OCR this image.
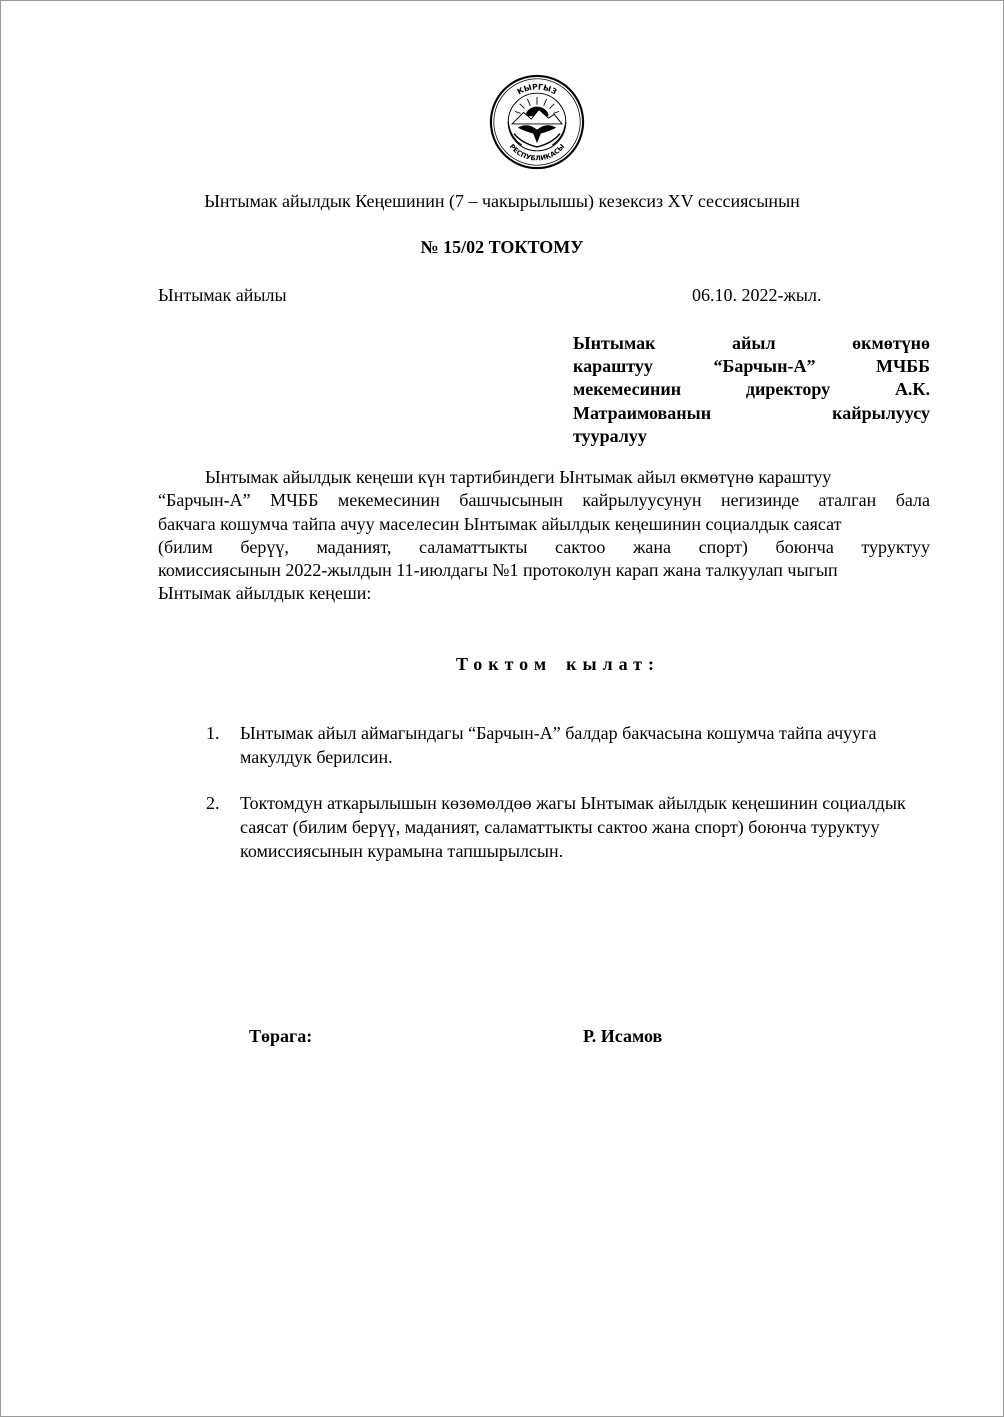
КЫРГЫЗ
РЕСПУБЛИКАСЫ
Ынтымак айылдык Кеңешинин (7 – чакырылышы) кезексиз XV сессиясынын
№ 15/02 ТОКТОМУ
Ынтымак айылы	06.10. 2022-жыл.
Ынтымак	айыл	өкмөтүнө
караштуу	“Барчын-А”	МЧББ
мекемесинин	директору	А.К.
Матраимованын	кайрылуусу
тууралуу
Ынтымак айылдык кеңеши күн тартибиндеги Ынтымак айыл өкмөтүнө караштуу
“Барчын-А” МЧББ мекемесинин башчысынын кайрылуусунун негизинде аталган бала
бакчага кошумча тайпа ачуу маселесин Ынтымак айылдык кеңешинин социалдык саясат
(билим берүү, маданият, саламаттыкты сактоо жана спорт) боюнча туруктуу
комиссиясынын 2022-жылдын 11-июлдагы №1 протоколун карап жана талкуулап чыгып
Ынтымак айылдык кеңеши:
Токтом кылат:
1.	Ынтымак айыл аймагындагы “Барчын-А” балдар бакчасына кошумча тайпа ачууга макулдук берилсин.
2.	Токтомдун аткарылышын көзөмөлдөө жагы Ынтымак айылдык кеңешинин социалдык саясат (билим берүү, маданият, саламаттыкты сактоо жана спорт) боюнча туруктуу комиссиясынын курамына тапшырылсын.
Төрага:	Р. Исамов
